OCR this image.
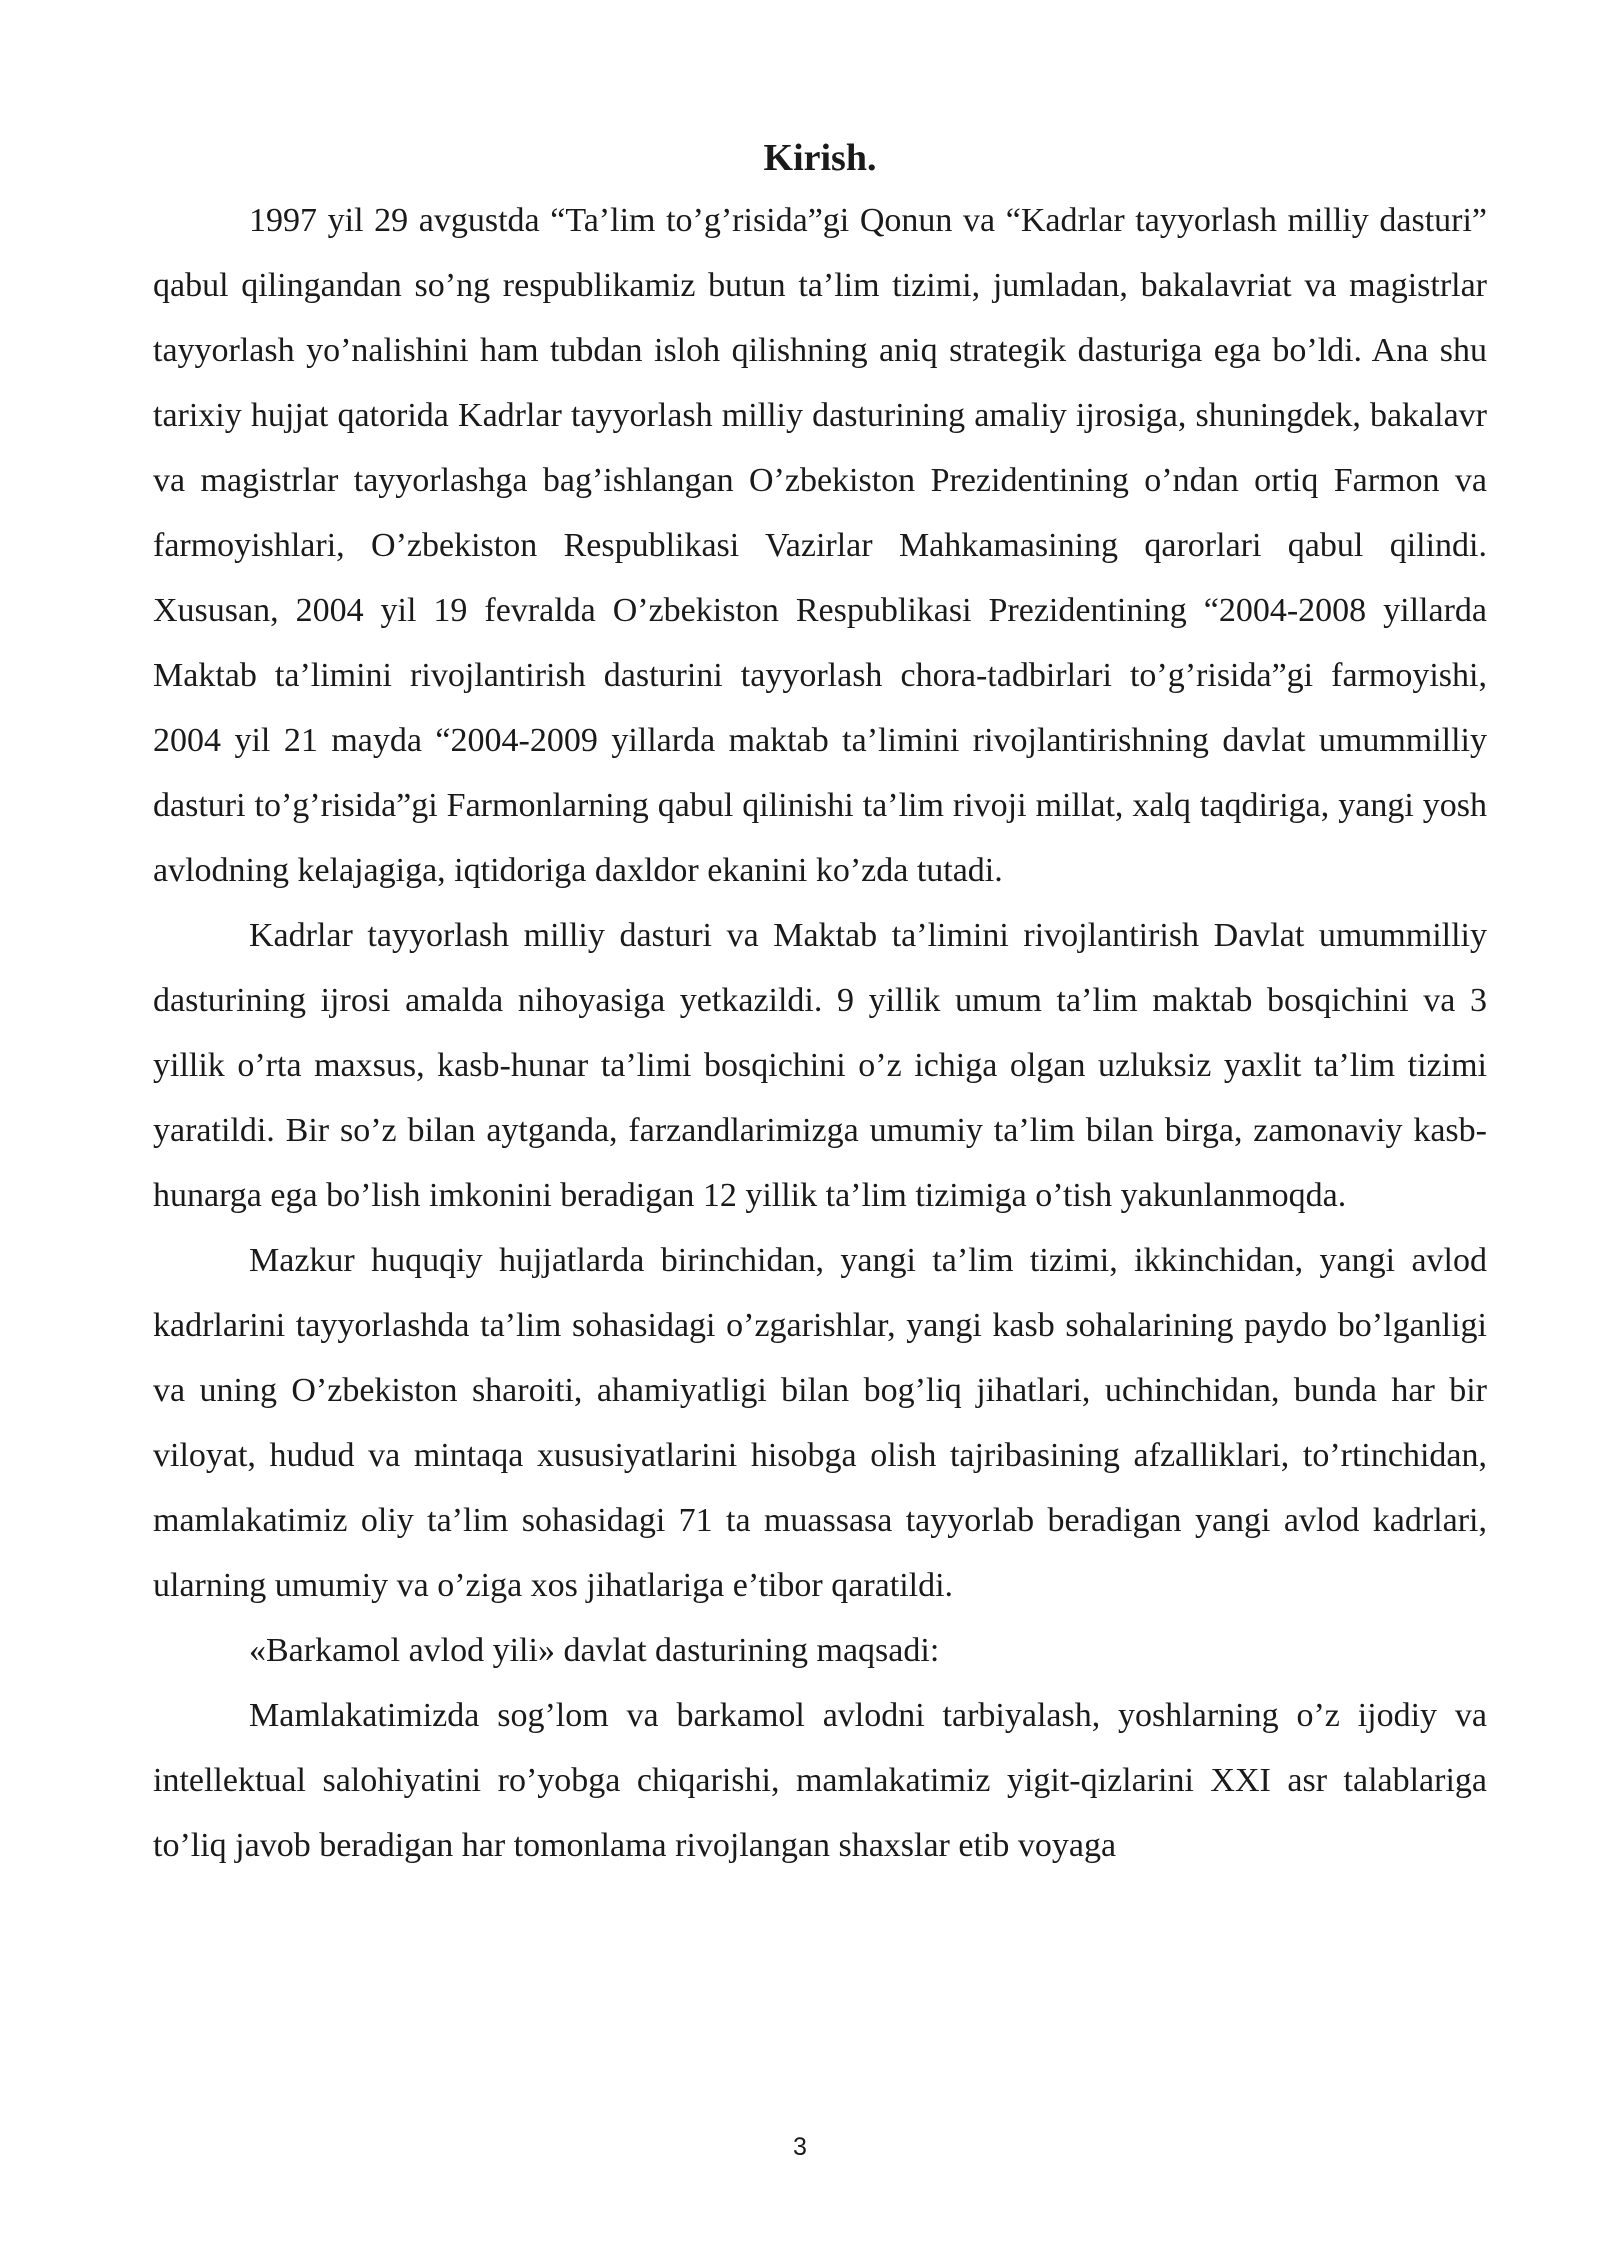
Kirish.

1997 yil 29 avgustda “Ta’lim to’g’risida”gi Qonun va “Kadrlar tayyorlash milliy dasturi” qabul qilingandan so’ng respublikamiz butun ta’lim tizimi, jumladan, bakalavriat va magistrlar tayyorlash yo’nalishini ham tubdan isloh qilishning aniq strategik dasturiga ega bo’ldi. Ana shu tarixiy hujjat qatorida Kadrlar tayyorlash milliy dasturining amaliy ijrosiga, shuningdek, bakalavr va magistrlar tayyorlashga bag’ishlangan O’zbekiston Prezidentining o’ndan ortiq Farmon va farmoyishlari, O’zbekiston Respublikasi Vazirlar Mahkamasining qarorlari qabul qilindi. Xususan, 2004 yil 19 fevralda O’zbekiston Respublikasi Prezidentining “2004-2008 yillarda Maktab ta’limini rivojlantirish dasturini tayyorlash chora-tadbirlari to’g’risida”gi farmoyishi, 2004 yil 21 mayda “2004-2009 yillarda maktab ta’limini rivojlantirishning davlat umummilliy dasturi to’g’risida”gi Farmonlarning qabul qilinishi ta’lim rivoji millat, xalq taqdiriga, yangi yosh avlodning kelajagiga, iqtidoriga daxldor ekanini ko’zda tutadi.

Kadrlar tayyorlash milliy dasturi va Maktab ta’limini rivojlantirish Davlat umummilliy dasturining ijrosi amalda nihoyasiga yetkazildi. 9 yillik umum ta’lim maktab bosqichini va 3 yillik o’rta maxsus, kasb-hunar ta’limi bosqichini o’z ichiga olgan uzluksiz yaxlit ta’lim tizimi yaratildi. Bir so’z bilan aytganda, farzandlarimizga umumiy ta’lim bilan birga, zamonaviy kasb-hunarga ega bo’lish imkonini beradigan 12 yillik ta’lim tizimiga o’tish yakunlanmoqda.

Mazkur huquqiy hujjatlarda birinchidan, yangi ta’lim tizimi, ikkinchidan, yangi avlod kadrlarini tayyorlashda ta’lim sohasidagi o’zgarishlar, yangi kasb sohalarining paydo bo’lganligi va uning O’zbekiston sharoiti, ahamiyatligi bilan bog’liq jihatlari, uchinchidan, bunda har bir viloyat, hudud va mintaqa xususiyatlarini hisobga olish tajribasining afzalliklari, to’rtinchidan, mamlakatimiz oliy ta’lim sohasidagi 71 ta muassasa tayyorlab beradigan yangi avlod kadrlari, ularning umumiy va o’ziga xos jihatlariga e’tibor qaratildi.

«Barkamol avlod yili» davlat dasturining maqsadi:

Mamlakatimizda sog’lom va barkamol avlodni tarbiyalash, yoshlarning o’z ijodiy va intellektual salohiyatini ro’yobga chiqarishi, mamlakatimiz yigit-qizlarini XXI asr talablariga to’liq javob beradigan har tomonlama rivojlangan shaxslar etib voyaga

3
